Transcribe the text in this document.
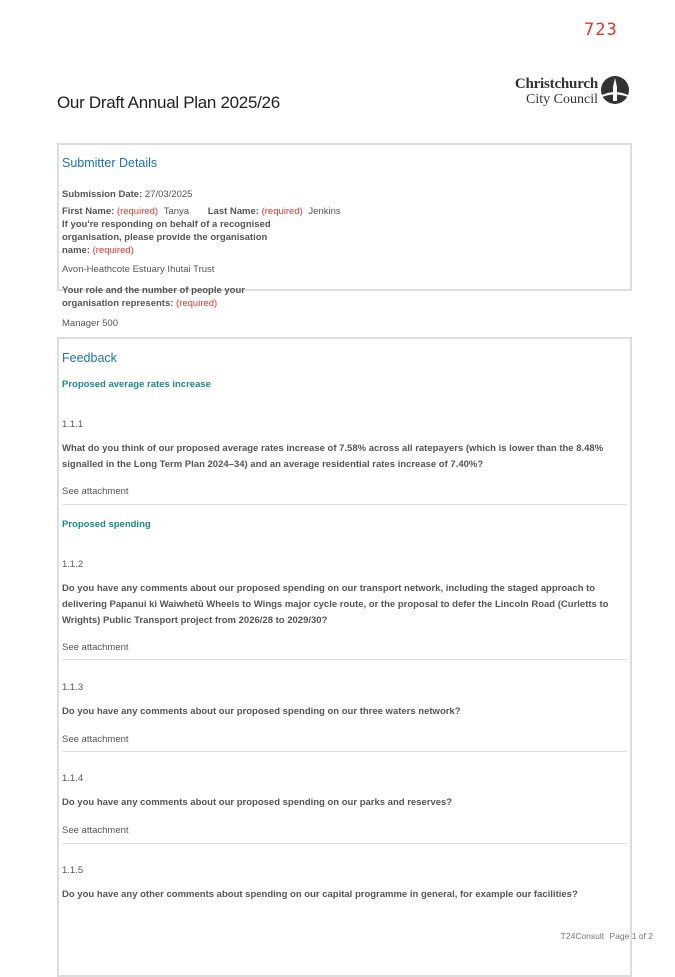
723
Our Draft Annual Plan 2025/26
Christchurch
City Council
Submitter Details
Submission Date: 27/03/2025
First Name: (required) Tanya Last Name: (required) Jenkins
If you're responding on behalf of a recognised organisation, please provide the organisation name: (required)
Avon-Heathcote Estuary Ihutai Trust
Your role and the number of people your organisation represents: (required)
Manager 500
Feedback
Proposed average rates increase
1.1.1
What do you think of our proposed average rates increase of 7.58% across all ratepayers (which is lower than the 8.48% signalled in the Long Term Plan 2024–34) and an average residential rates increase of 7.40%?
See attachment
Proposed spending
1.1.2
Do you have any comments about our proposed spending on our transport network, including the staged approach to delivering Papanui ki Waiwhetū Wheels to Wings major cycle route, or the proposal to defer the Lincoln Road (Curletts to Wrights) Public Transport project from 2026/28 to 2029/30?
See attachment
1.1.3
Do you have any comments about our proposed spending on our three waters network?
See attachment
1.1.4
Do you have any comments about our proposed spending on our parks and reserves?
See attachment
1.1.5
Do you have any other comments about spending on our capital programme in general, for example our facilities?
T24Consult Page 1 of 2
